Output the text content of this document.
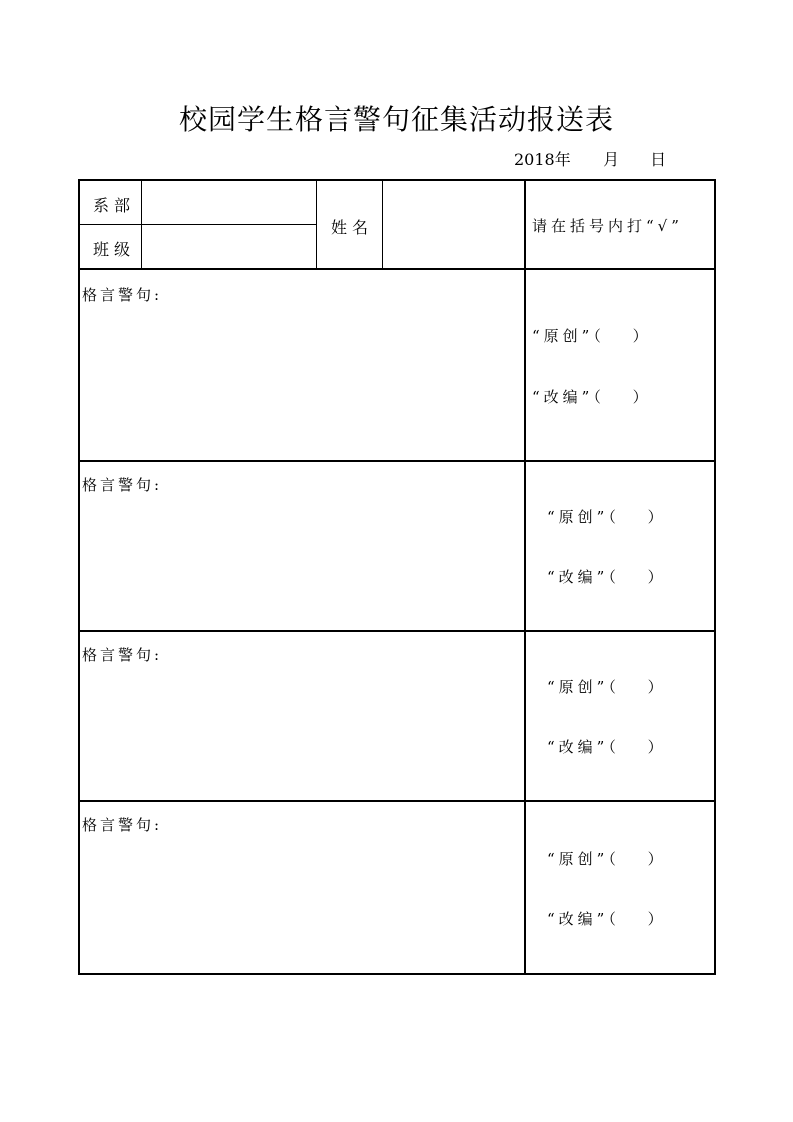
校园学生格言警句征集活动报送表
2018年 月 日
系部
班级
姓名	请在括号内打“√”
格言警句:
“原创”（　 ）
“改编”（　 ）
格言警句:
“原创”（　 ）
“改编”（　 ）
格言警句:
“原创”（　 ）
“改编”（　 ）
格言警句:
“原创”（　 ）
“改编”（　 ）
